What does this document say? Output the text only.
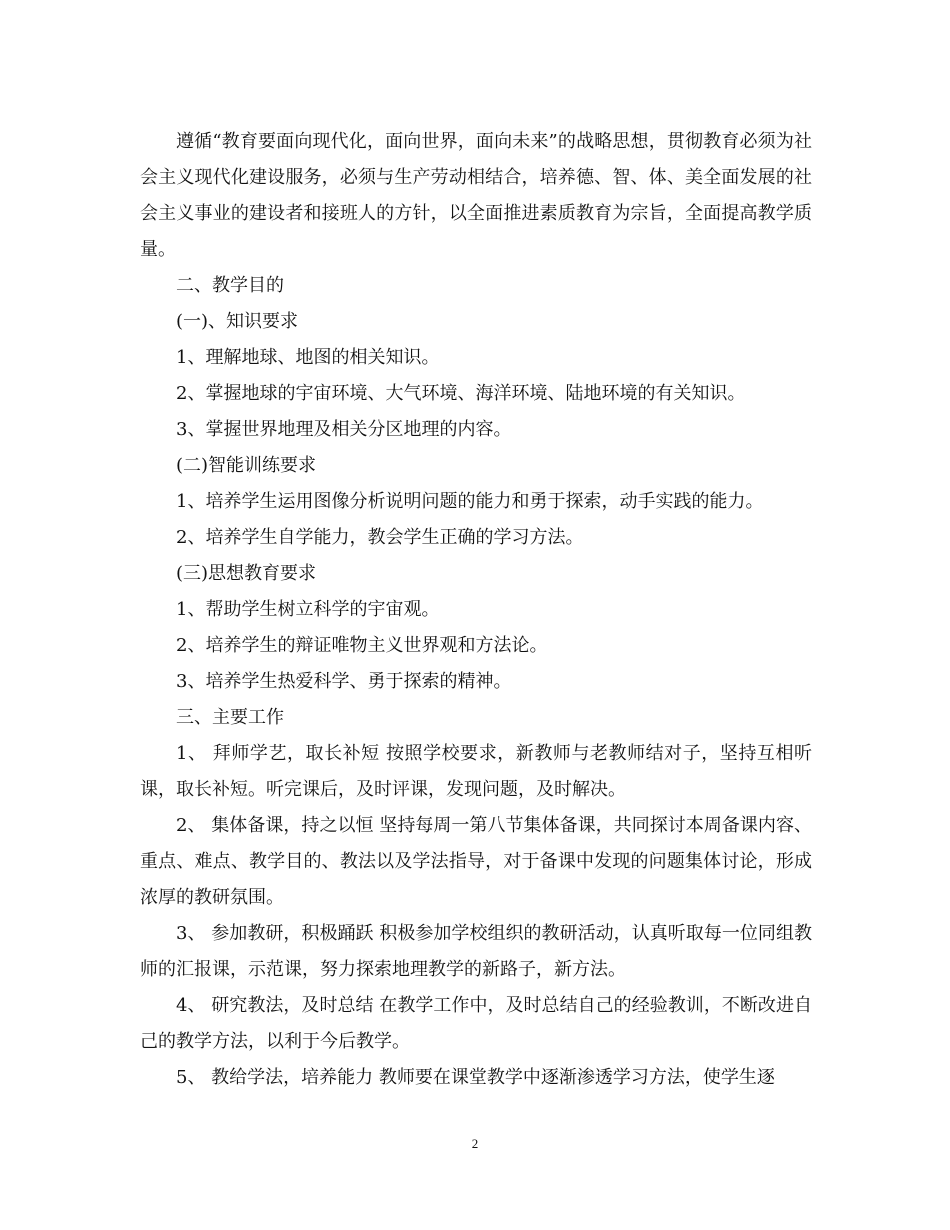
遵循“教育要面向现代化，面向世界，面向未来”的战略思想，贯彻教育必须为社会主义现代化建设服务，必须与生产劳动相结合，培养德、智、体、美全面发展的社会主义事业的建设者和接班人的方针，以全面推进素质教育为宗旨，全面提高教学质量。

二、教学目的

(一)、知识要求

1、理解地球、地图的相关知识。

2、掌握地球的宇宙环境、大气环境、海洋环境、陆地环境的有关知识。

3、掌握世界地理及相关分区地理的内容。

(二)智能训练要求

1、培养学生运用图像分析说明问题的能力和勇于探索，动手实践的能力。

2、培养学生自学能力，教会学生正确的学习方法。

(三)思想教育要求

1、帮助学生树立科学的宇宙观。

2、培养学生的辩证唯物主义世界观和方法论。

3、培养学生热爱科学、勇于探索的精神。

三、主要工作

1、 拜师学艺，取长补短 按照学校要求，新教师与老教师结对子，坚持互相听课，取长补短。听完课后，及时评课，发现问题，及时解决。

2、 集体备课，持之以恒 坚持每周一第八节集体备课，共同探讨本周备课内容、重点、难点、教学目的、教法以及学法指导，对于备课中发现的问题集体讨论，形成浓厚的教研氛围。

3、 参加教研，积极踊跃 积极参加学校组织的教研活动，认真听取每一位同组教师的汇报课，示范课，努力探索地理教学的新路子，新方法。

4、 研究教法，及时总结 在教学工作中，及时总结自己的经验教训，不断改进自己的教学方法，以利于今后教学。

5、 教给学法，培养能力 教师要在课堂教学中逐渐渗透学习方法，使学生逐

2
